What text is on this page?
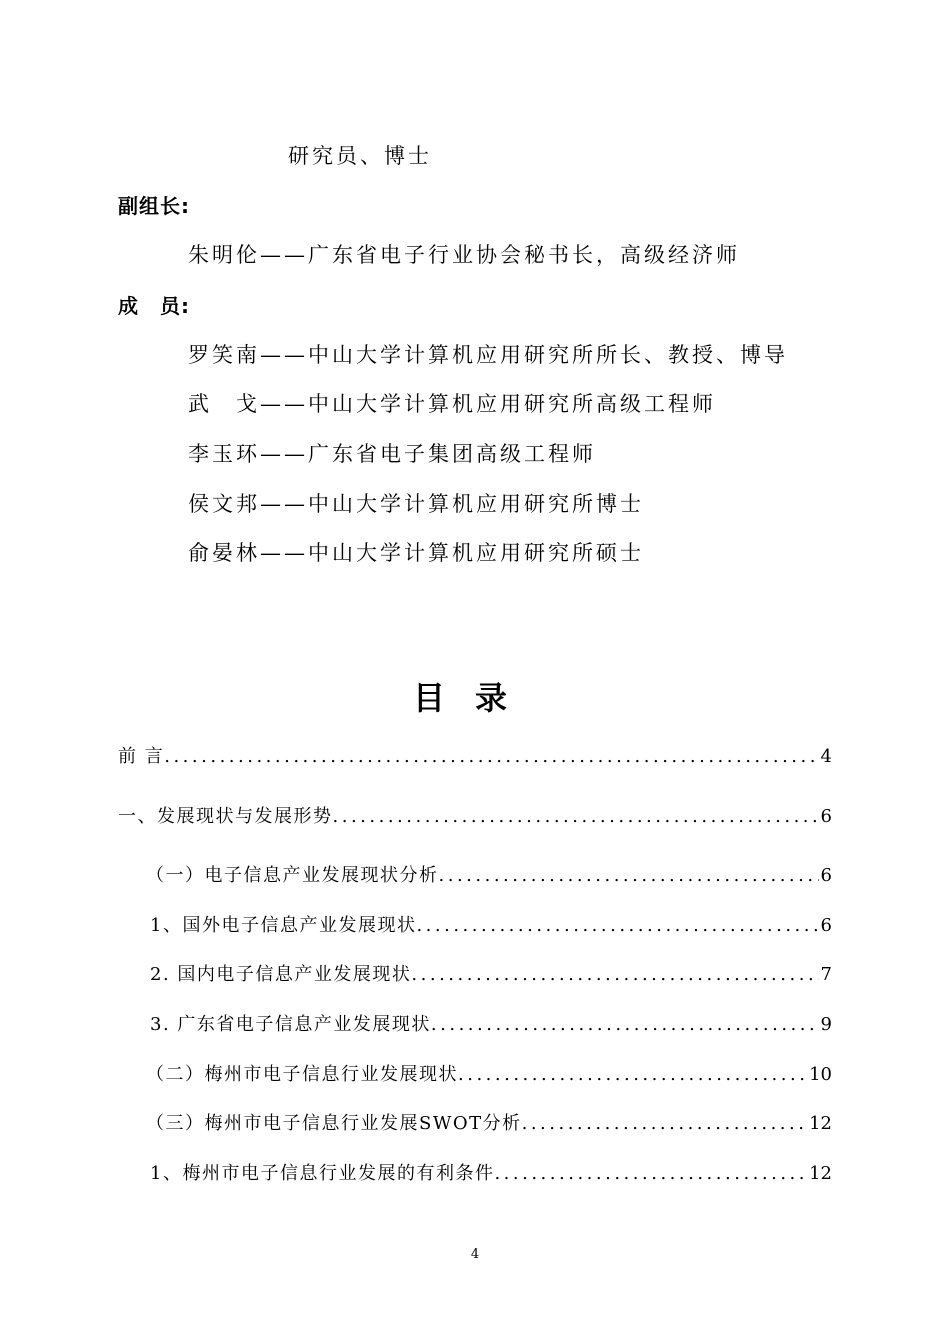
研究员、博士
副组长:
朱明伦——广东省电子行业协会秘书长，高级经济师
成　员:
罗笑南——中山大学计算机应用研究所所长、教授、博导
武　戈——中山大学计算机应用研究所高级工程师
李玉环——广东省电子集团高级工程师
侯文邦——中山大学计算机应用研究所博士
俞晏林——中山大学计算机应用研究所硕士
目录
前 言 .....	4
一、发展现状与发展形势 .....	6
（一）电子信息产业发展现状分析 .....	6
1、国外电子信息产业发展现状 .....	6
2. 国内电子信息产业发展现状 .....	7
3. 广东省电子信息产业发展现状 .....	9
（二）梅州市电子信息行业发展现状 .....	10
（三）梅州市电子信息行业发展SWOT分析 .....	12
1、梅州市电子信息行业发展的有利条件 .....	12
4
